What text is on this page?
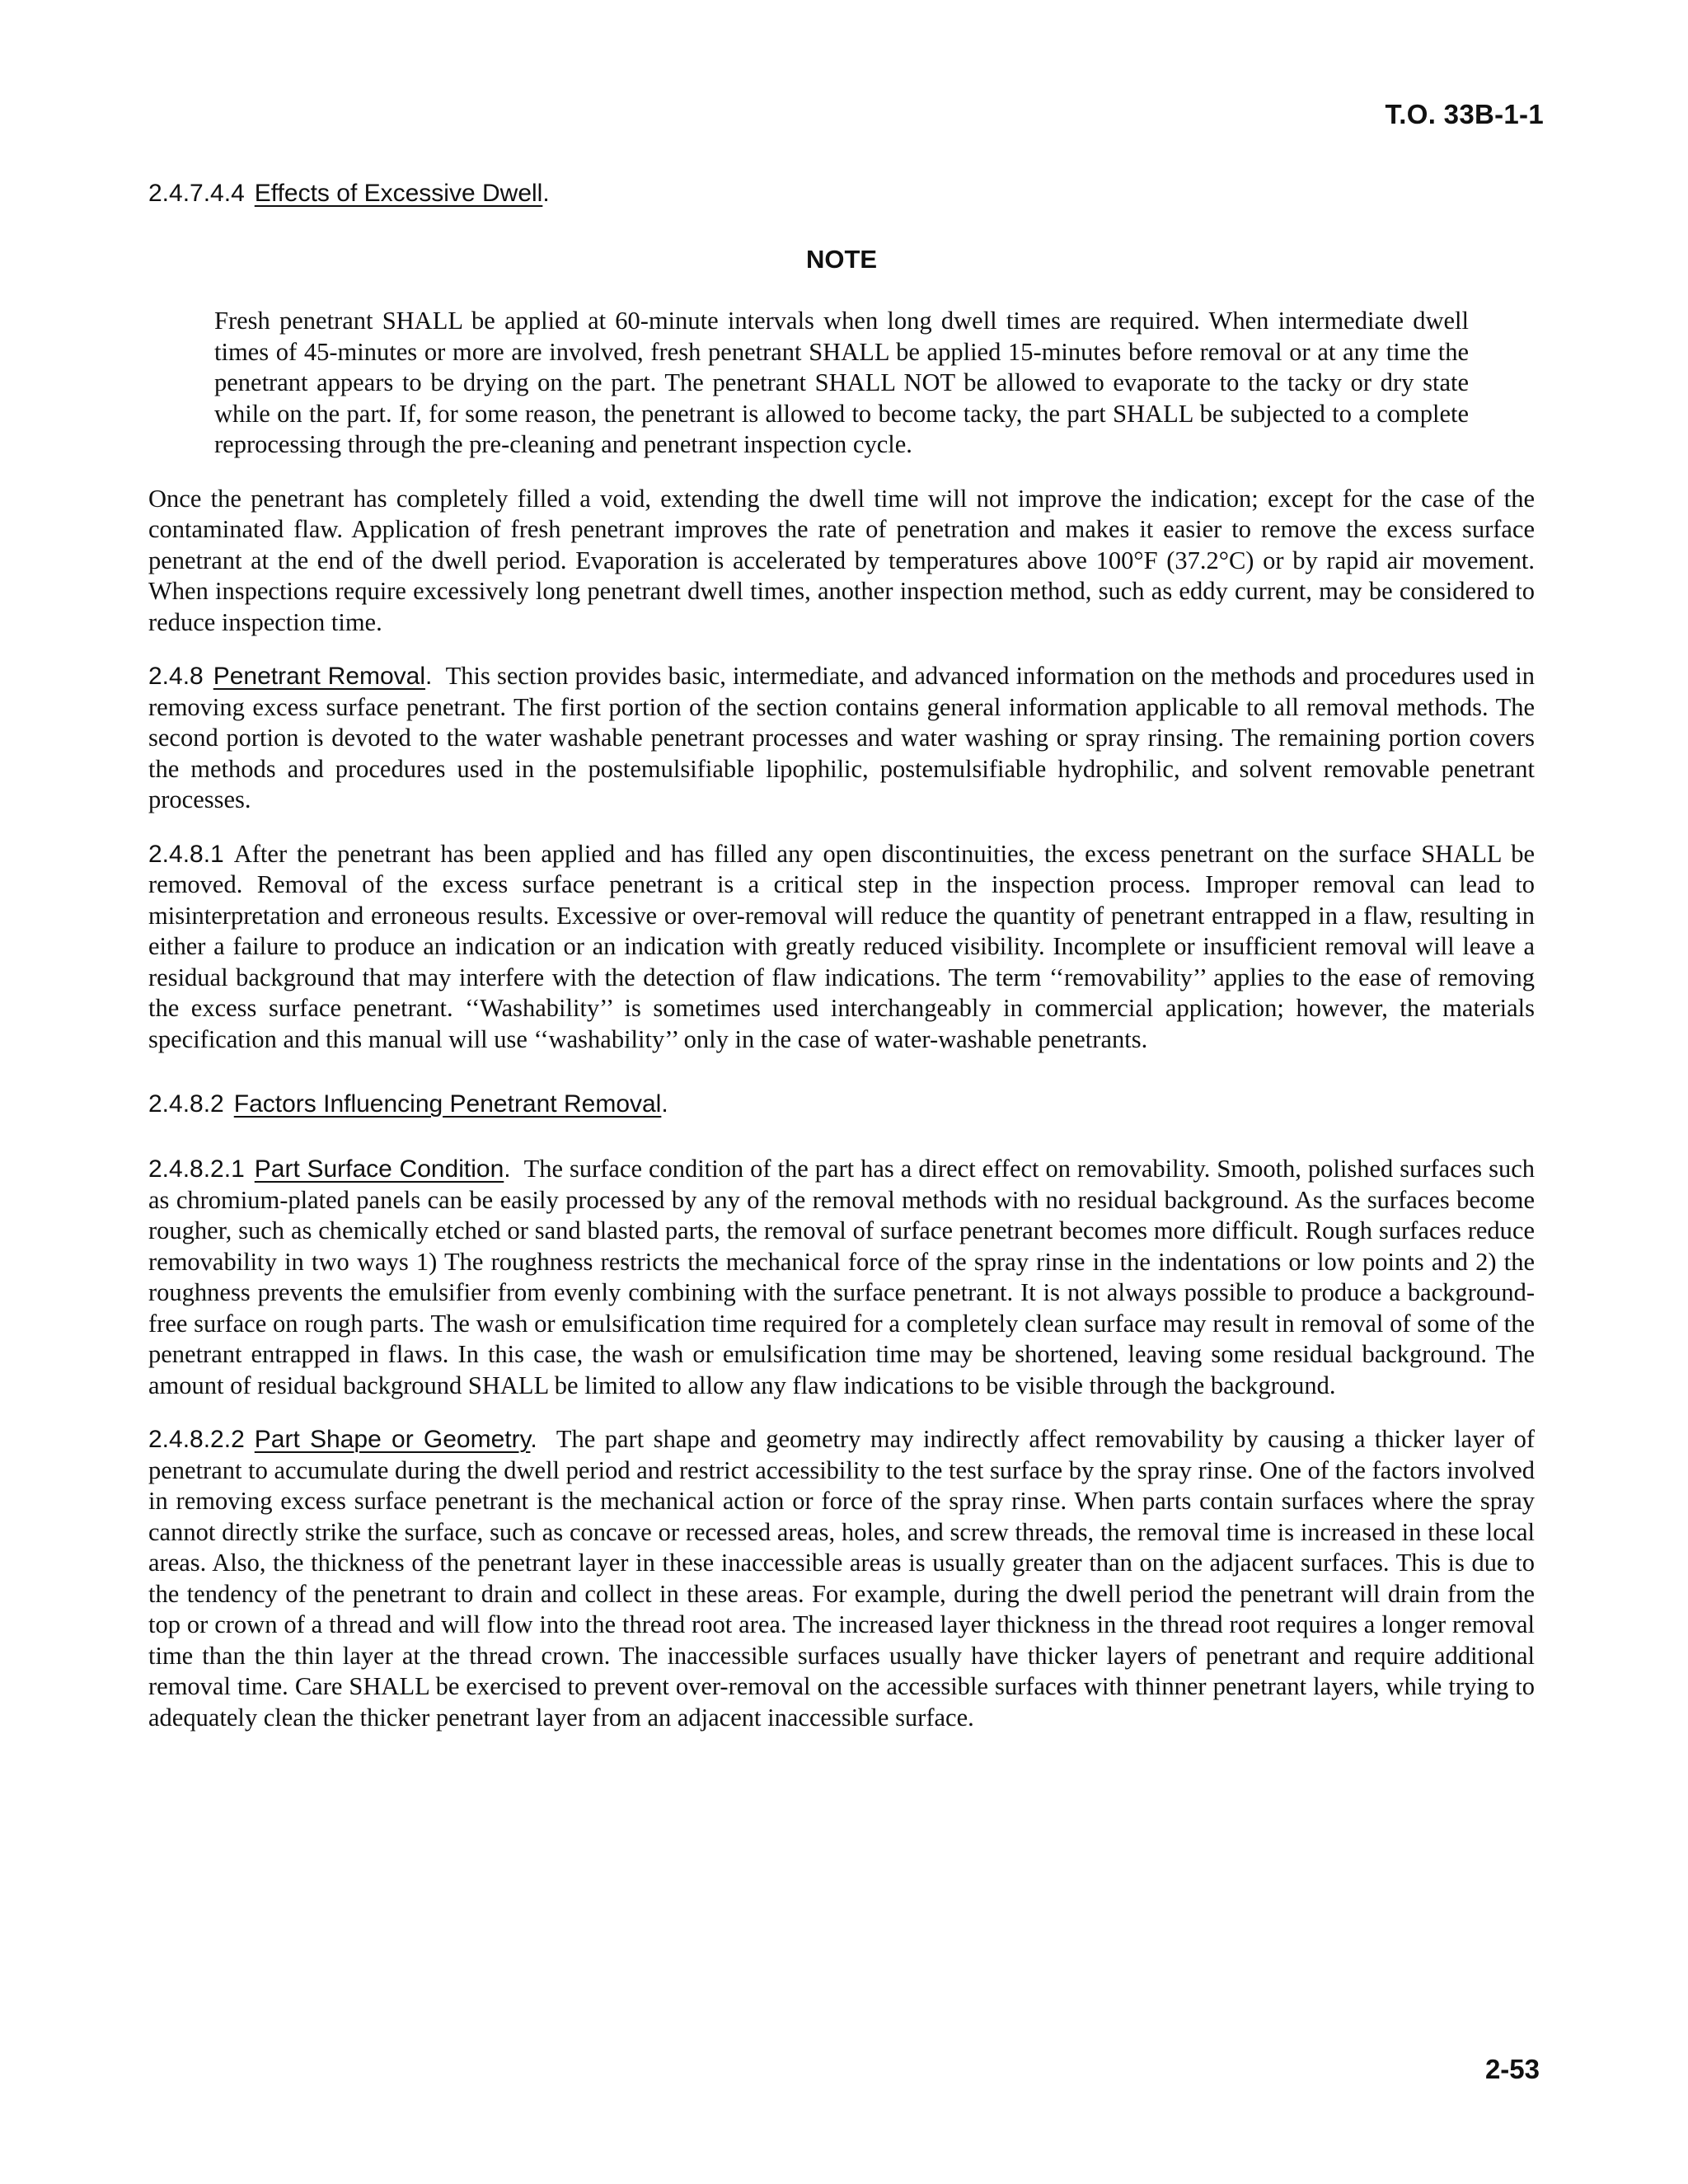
T.O. 33B-1-1

2.4.7.4.4 Effects of Excessive Dwell.

NOTE
Fresh penetrant SHALL be applied at 60-minute intervals when long dwell times are required. When intermediate dwell times of 45-minutes or more are involved, fresh penetrant SHALL be applied 15-minutes before removal or at any time the penetrant appears to be drying on the part. The penetrant SHALL NOT be allowed to evaporate to the tacky or dry state while on the part. If, for some reason, the penetrant is allowed to become tacky, the part SHALL be subjected to a complete reprocessing through the pre-cleaning and penetrant inspection cycle.

Once the penetrant has completely filled a void, extending the dwell time will not improve the indication; except for the case of the contaminated flaw. Application of fresh penetrant improves the rate of penetration and makes it easier to remove the excess surface penetrant at the end of the dwell period. Evaporation is accelerated by temperatures above 100°F (37.2°C) or by rapid air movement. When inspections require excessively long penetrant dwell times, another inspection method, such as eddy current, may be considered to reduce inspection time.

2.4.8 Penetrant Removal. This section provides basic, intermediate, and advanced information on the methods and procedures used in removing excess surface penetrant. The first portion of the section contains general information applicable to all removal methods. The second portion is devoted to the water washable penetrant processes and water washing or spray rinsing. The remaining portion covers the methods and procedures used in the postemulsifiable lipophilic, postemulsifiable hydrophilic, and solvent removable penetrant processes.

2.4.8.1 After the penetrant has been applied and has filled any open discontinuities, the excess penetrant on the surface SHALL be removed. Removal of the excess surface penetrant is a critical step in the inspection process. Improper removal can lead to misinterpretation and erroneous results. Excessive or over-removal will reduce the quantity of penetrant entrapped in a flaw, resulting in either a failure to produce an indication or an indication with greatly reduced visibility. Incomplete or insufficient removal will leave a residual background that may interfere with the detection of flaw indications. The term ‘‘removability’’ applies to the ease of removing the excess surface penetrant. ‘‘Washability’’ is sometimes used interchangeably in commercial application; however, the materials specification and this manual will use ‘‘washability’’ only in the case of water-washable penetrants.

2.4.8.2 Factors Influencing Penetrant Removal.

2.4.8.2.1 Part Surface Condition. The surface condition of the part has a direct effect on removability. Smooth, polished surfaces such as chromium-plated panels can be easily processed by any of the removal methods with no residual background. As the surfaces become rougher, such as chemically etched or sand blasted parts, the removal of surface penetrant becomes more difficult. Rough surfaces reduce removability in two ways 1) The roughness restricts the mechanical force of the spray rinse in the indentations or low points and 2) the roughness prevents the emulsifier from evenly combining with the surface penetrant. It is not always possible to produce a background-free surface on rough parts. The wash or emulsification time required for a completely clean surface may result in removal of some of the penetrant entrapped in flaws. In this case, the wash or emulsification time may be shortened, leaving some residual background. The amount of residual background SHALL be limited to allow any flaw indications to be visible through the background.

2.4.8.2.2 Part Shape or Geometry. The part shape and geometry may indirectly affect removability by causing a thicker layer of penetrant to accumulate during the dwell period and restrict accessibility to the test surface by the spray rinse. One of the factors involved in removing excess surface penetrant is the mechanical action or force of the spray rinse. When parts contain surfaces where the spray cannot directly strike the surface, such as concave or recessed areas, holes, and screw threads, the removal time is increased in these local areas. Also, the thickness of the penetrant layer in these inaccessible areas is usually greater than on the adjacent surfaces. This is due to the tendency of the penetrant to drain and collect in these areas. For example, during the dwell period the penetrant will drain from the top or crown of a thread and will flow into the thread root area. The increased layer thickness in the thread root requires a longer removal time than the thin layer at the thread crown. The inaccessible surfaces usually have thicker layers of penetrant and require additional removal time. Care SHALL be exercised to prevent over-removal on the accessible surfaces with thinner penetrant layers, while trying to adequately clean the thicker penetrant layer from an adjacent inaccessible surface.

2-53
